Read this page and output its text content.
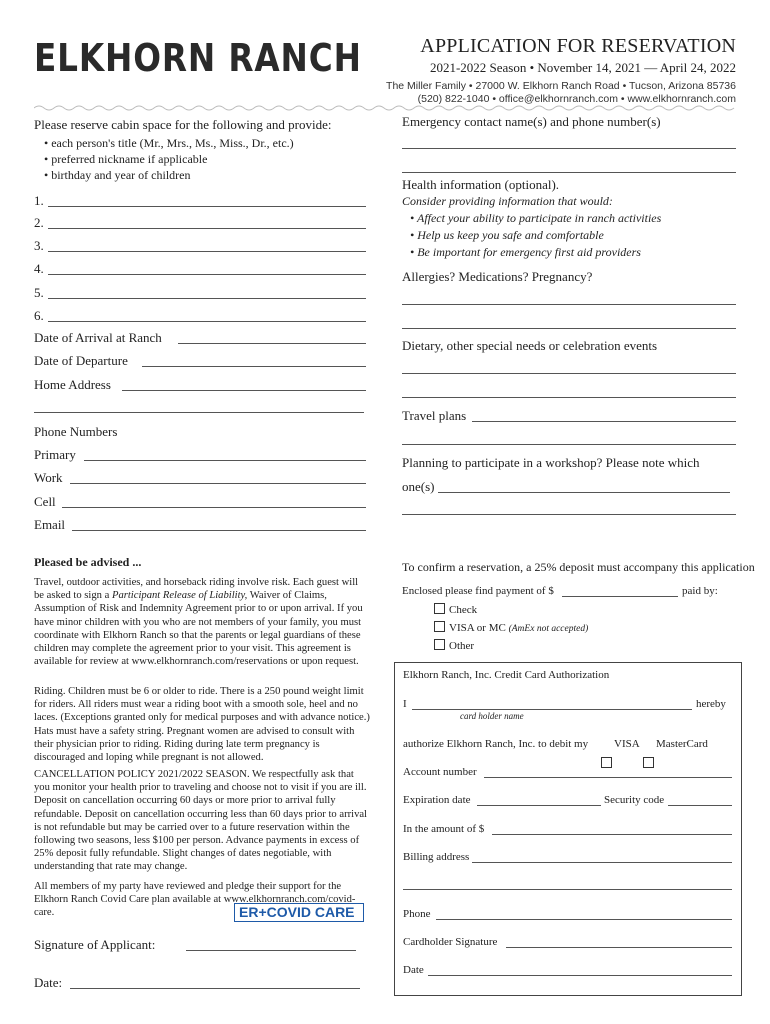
ELKHORN RANCH	APPLICATION FOR RESERVATION
2021-2022 Season • November 14, 2021 — April 24, 2022
The Miller Family • 27000 W. Elkhorn Ranch Road • Tucson, Arizona 85736
(520) 822-1040 • office@elkhornranch.com • www.elkhornranch.com
Please reserve cabin space for the following and provide:
• each person's title (Mr., Mrs., Ms., Miss., Dr., etc.)
• preferred nickname if applicable
• birthday and year of children
1.
2.
3.
4.
5.
6.
Date of Arrival at Ranch
Date of Departure
Home Address
Phone Numbers
Primary
Work
Cell
Email
Emergency contact name(s) and phone number(s)
Health information (optional).
Consider providing information that would:
• Affect your ability to participate in ranch activities
• Help us keep you safe and comfortable
• Be important for emergency first aid providers
Allergies? Medications? Pregnancy?
Dietary, other special needs or celebration events
Travel plans
Planning to participate in a workshop? Please note which
one(s)
Pleased be advised ...
Travel, outdoor activities, and horseback riding involve risk. Each guest will be asked to sign a Participant Release of Liability, Waiver of Claims, Assumption of Risk and Indemnity Agreement prior to or upon arrival. If you have minor children with you who are not members of your family, you must coordinate with Elkhorn Ranch so that the parents or legal guardians of these children may complete the agreement prior to your visit. This agreement is available for review at www.elkhornranch.com/reservations or upon request.
Riding. Children must be 6 or older to ride. There is a 250 pound weight limit for riders. All riders must wear a riding boot with a smooth sole, heel and no laces. (Exceptions granted only for medical purposes and with advance notice.) Hats must have a safety string. Pregnant women are advised to consult with their physician prior to riding. Riding during late term pregnancy is discouraged and loping while pregnant is not allowed.
CANCELLATION POLICY 2021/2022 SEASON. We respectfully ask that you monitor your health prior to traveling and choose not to visit if you are ill. Deposit on cancellation occurring 60 days or more prior to arrival fully refundable. Deposit on cancellation occurring less than 60 days prior to arrival is not refundable but may be carried over to a future reservation within the following two seasons, less $100 per person. Advance payments in excess of 25% deposit fully refundable. Slight changes of dates negotiable, with understanding that rate may change.
All members of my party have reviewed and pledge their support for the Elkhorn Ranch Covid Care plan available at www.elkhornranch.com/covid-care.	ER+COVID CARE
Signature of Applicant:
Date:
To confirm a reservation, a 25% deposit must accompany this application
Enclosed please find payment of $	paid by:
Check
VISA or MC (AmEx not accepted)
Other
Elkhorn Ranch, Inc. Credit Card Authorization
I	hereby
card holder name
authorize Elkhorn Ranch, Inc. to debit my VISA MasterCard
Account number
Expiration date	Security code
In the amount of $
Billing address
Phone
Cardholder Signature
Date
